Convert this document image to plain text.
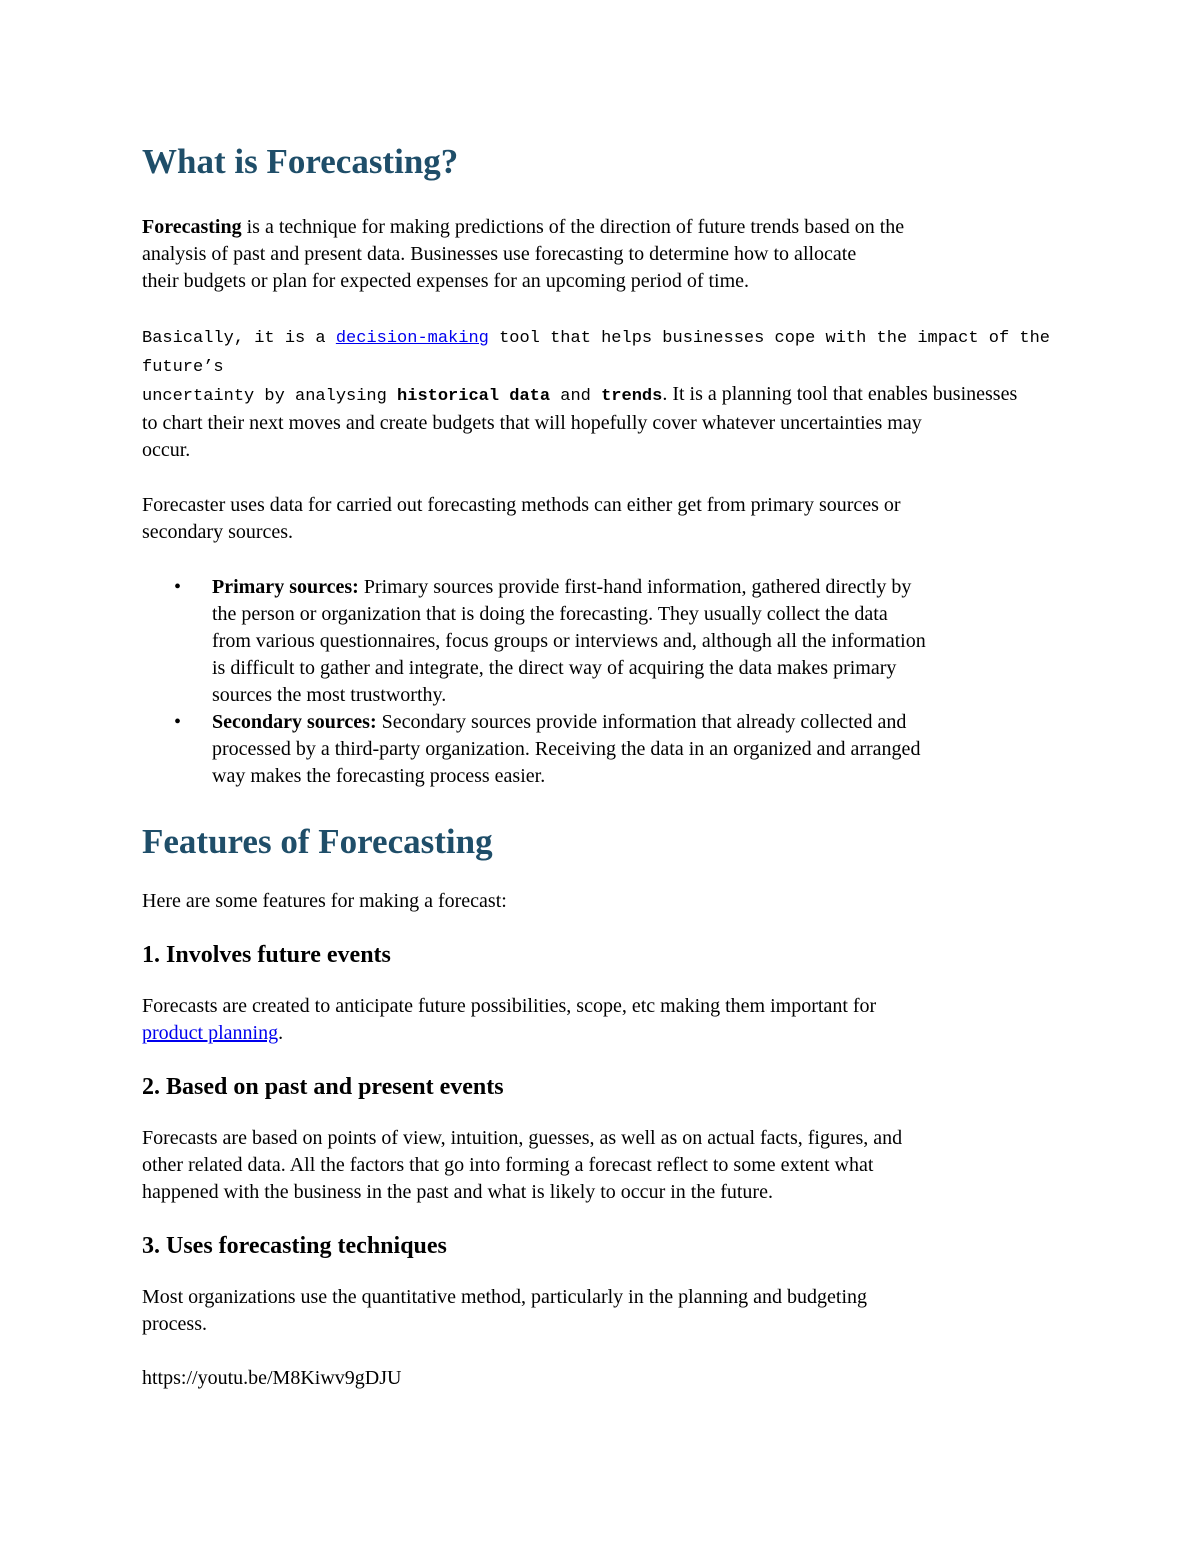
What is Forecasting?

Forecasting is a technique for making predictions of the direction of future trends based on the
analysis of past and present data. Businesses use forecasting to determine how to allocate
their budgets or plan for expected expenses for an upcoming period of time.

Basically, it is a decision-making tool that helps businesses cope with the impact of the future’s
uncertainty by analysing historical data and trends. It is a planning tool that enables businesses
to chart their next moves and create budgets that will hopefully cover whatever uncertainties may
occur.

Forecaster uses data for carried out forecasting methods can either get from primary sources or
secondary sources.

• Primary sources: Primary sources provide first-hand information, gathered directly by
the person or organization that is doing the forecasting. They usually collect the data
from various questionnaires, focus groups or interviews and, although all the information
is difficult to gather and integrate, the direct way of acquiring the data makes primary
sources the most trustworthy.
• Secondary sources: Secondary sources provide information that already collected and
processed by a third-party organization. Receiving the data in an organized and arranged
way makes the forecasting process easier.
Features of Forecasting

Here are some features for making a forecast:

1. Involves future events

Forecasts are created to anticipate future possibilities, scope, etc making them important for
product planning.

2. Based on past and present events

Forecasts are based on points of view, intuition, guesses, as well as on actual facts, figures, and
other related data. All the factors that go into forming a forecast reflect to some extent what
happened with the business in the past and what is likely to occur in the future.

3. Uses forecasting techniques

Most organizations use the quantitative method, particularly in the planning and budgeting
process.

https://youtu.be/M8Kiwv9gDJU
